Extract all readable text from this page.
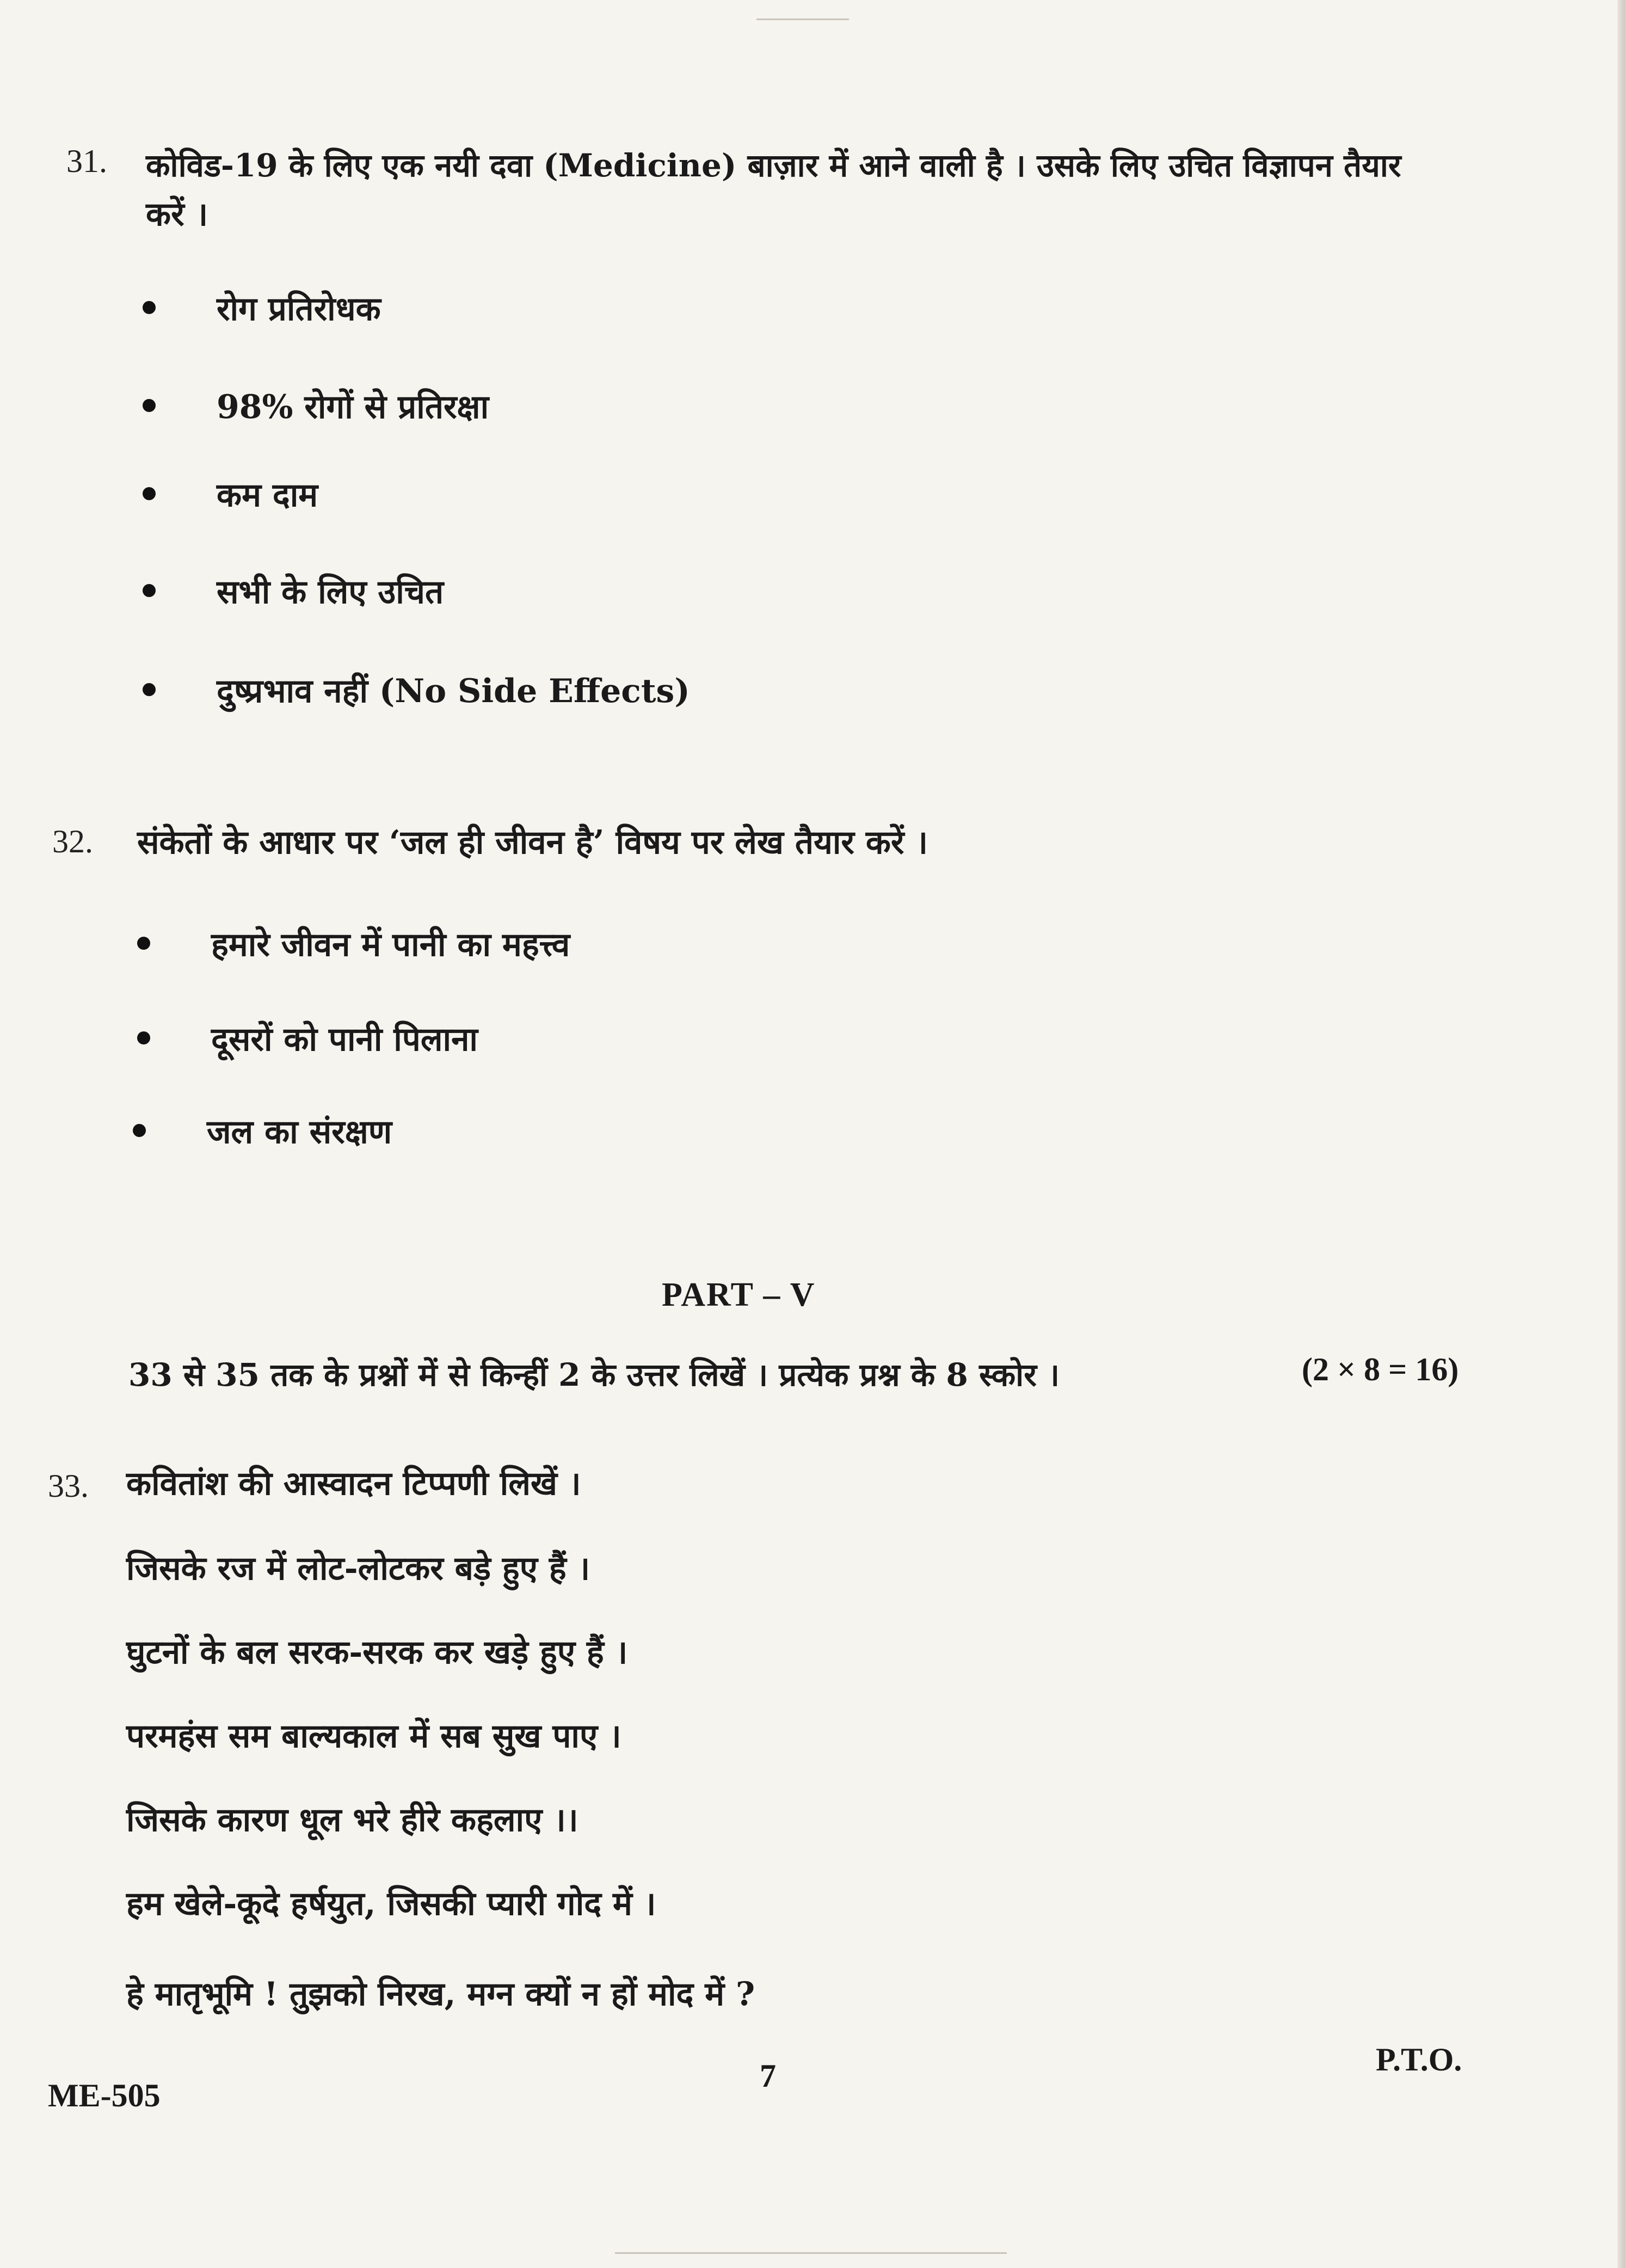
31. कोविड-19 के लिए एक नयी दवा (Medicine) बाज़ार में आने वाली है । उसके लिए उचित विज्ञापन तैयार
करें ।
रोग प्रतिरोधक
98% रोगों से प्रतिरक्षा
कम दाम
सभी के लिए उचित
दुष्प्रभाव नहीं (No Side Effects)
32. संकेतों के आधार पर ‘जल ही जीवन है’ विषय पर लेख तैयार करें ।
हमारे जीवन में पानी का महत्त्व
दूसरों को पानी पिलाना
जल का संरक्षण
PART – V
33 से 35 तक के प्रश्नों में से किन्हीं 2 के उत्तर लिखें । प्रत्येक प्रश्न के 8 स्कोर ।	(2 × 8 = 16)
33. कवितांश की आस्वादन टिप्पणी लिखें ।
जिसके रज में लोट-लोटकर बड़े हुए हैं ।
घुटनों के बल सरक-सरक कर खड़े हुए हैं ।
परमहंस सम बाल्यकाल में सब सुख पाए ।
जिसके कारण धूल भरे हीरे कहलाए ।।
हम खेले-कूदे हर्षयुत, जिसकी प्यारी गोद में ।
हे मातृभूमि ! तुझको निरख, मग्न क्यों न हों मोद में ?
ME-505
7	P.T.O.
